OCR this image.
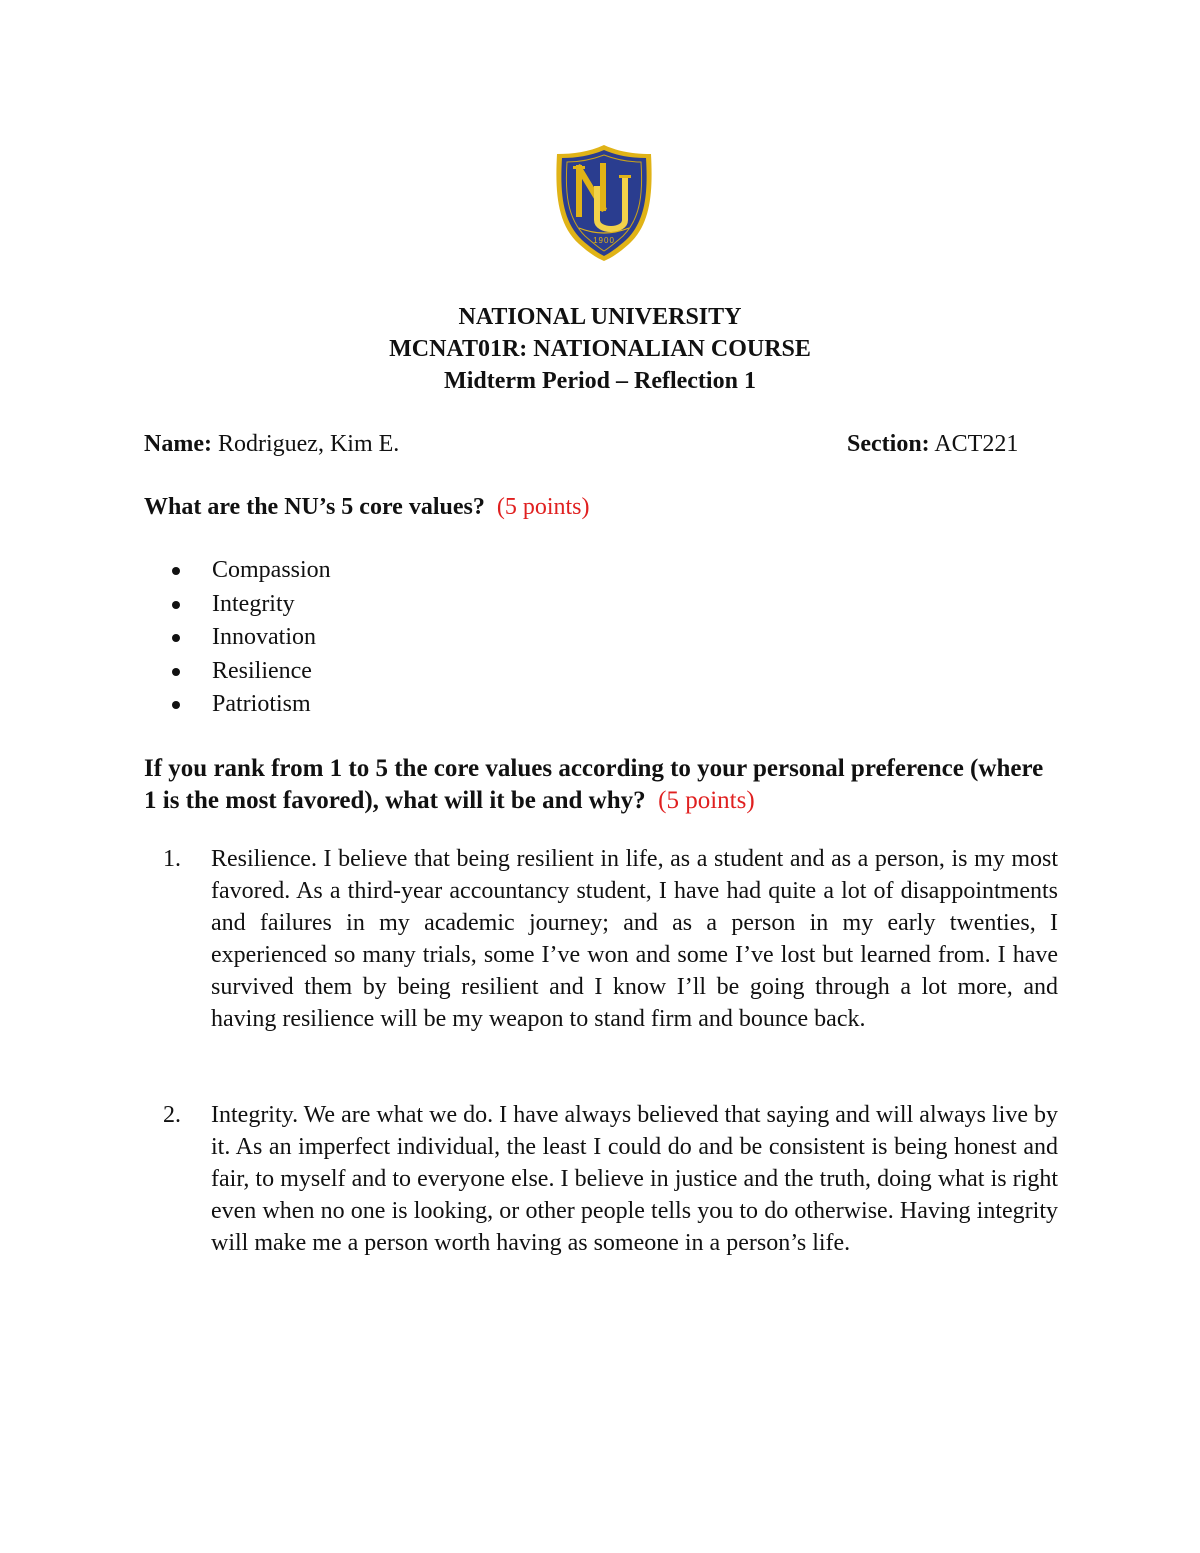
1900
NATIONAL UNIVERSITY
MCNAT01R: NATIONALIAN COURSE
Midterm Period – Reflection 1
Name: Rodriguez, Kim E.	Section: ACT221
What are the NU’s 5 core values? (5 points)
Compassion
Integrity
Innovation
Resilience
Patriotism
If you rank from 1 to 5 the core values according to your personal preference (where 1 is the most favored), what will it be and why? (5 points)
1. Resilience. I believe that being resilient in life, as a student and as a person, is my most favored. As a third-year accountancy student, I have had quite a lot of disappointments and failures in my academic journey; and as a person in my early twenties, I experienced so many trials, some I’ve won and some I’ve lost but learned from. I have survived them by being resilient and I know I’ll be going through a lot more, and having resilience will be my weapon to stand firm and bounce back.
2. Integrity. We are what we do. I have always believed that saying and will always live by it. As an imperfect individual, the least I could do and be consistent is being honest and fair, to myself and to everyone else. I believe in justice and the truth, doing what is right even when no one is looking, or other people tells you to do otherwise. Having integrity will make me a person worth having as someone in a person’s life.
